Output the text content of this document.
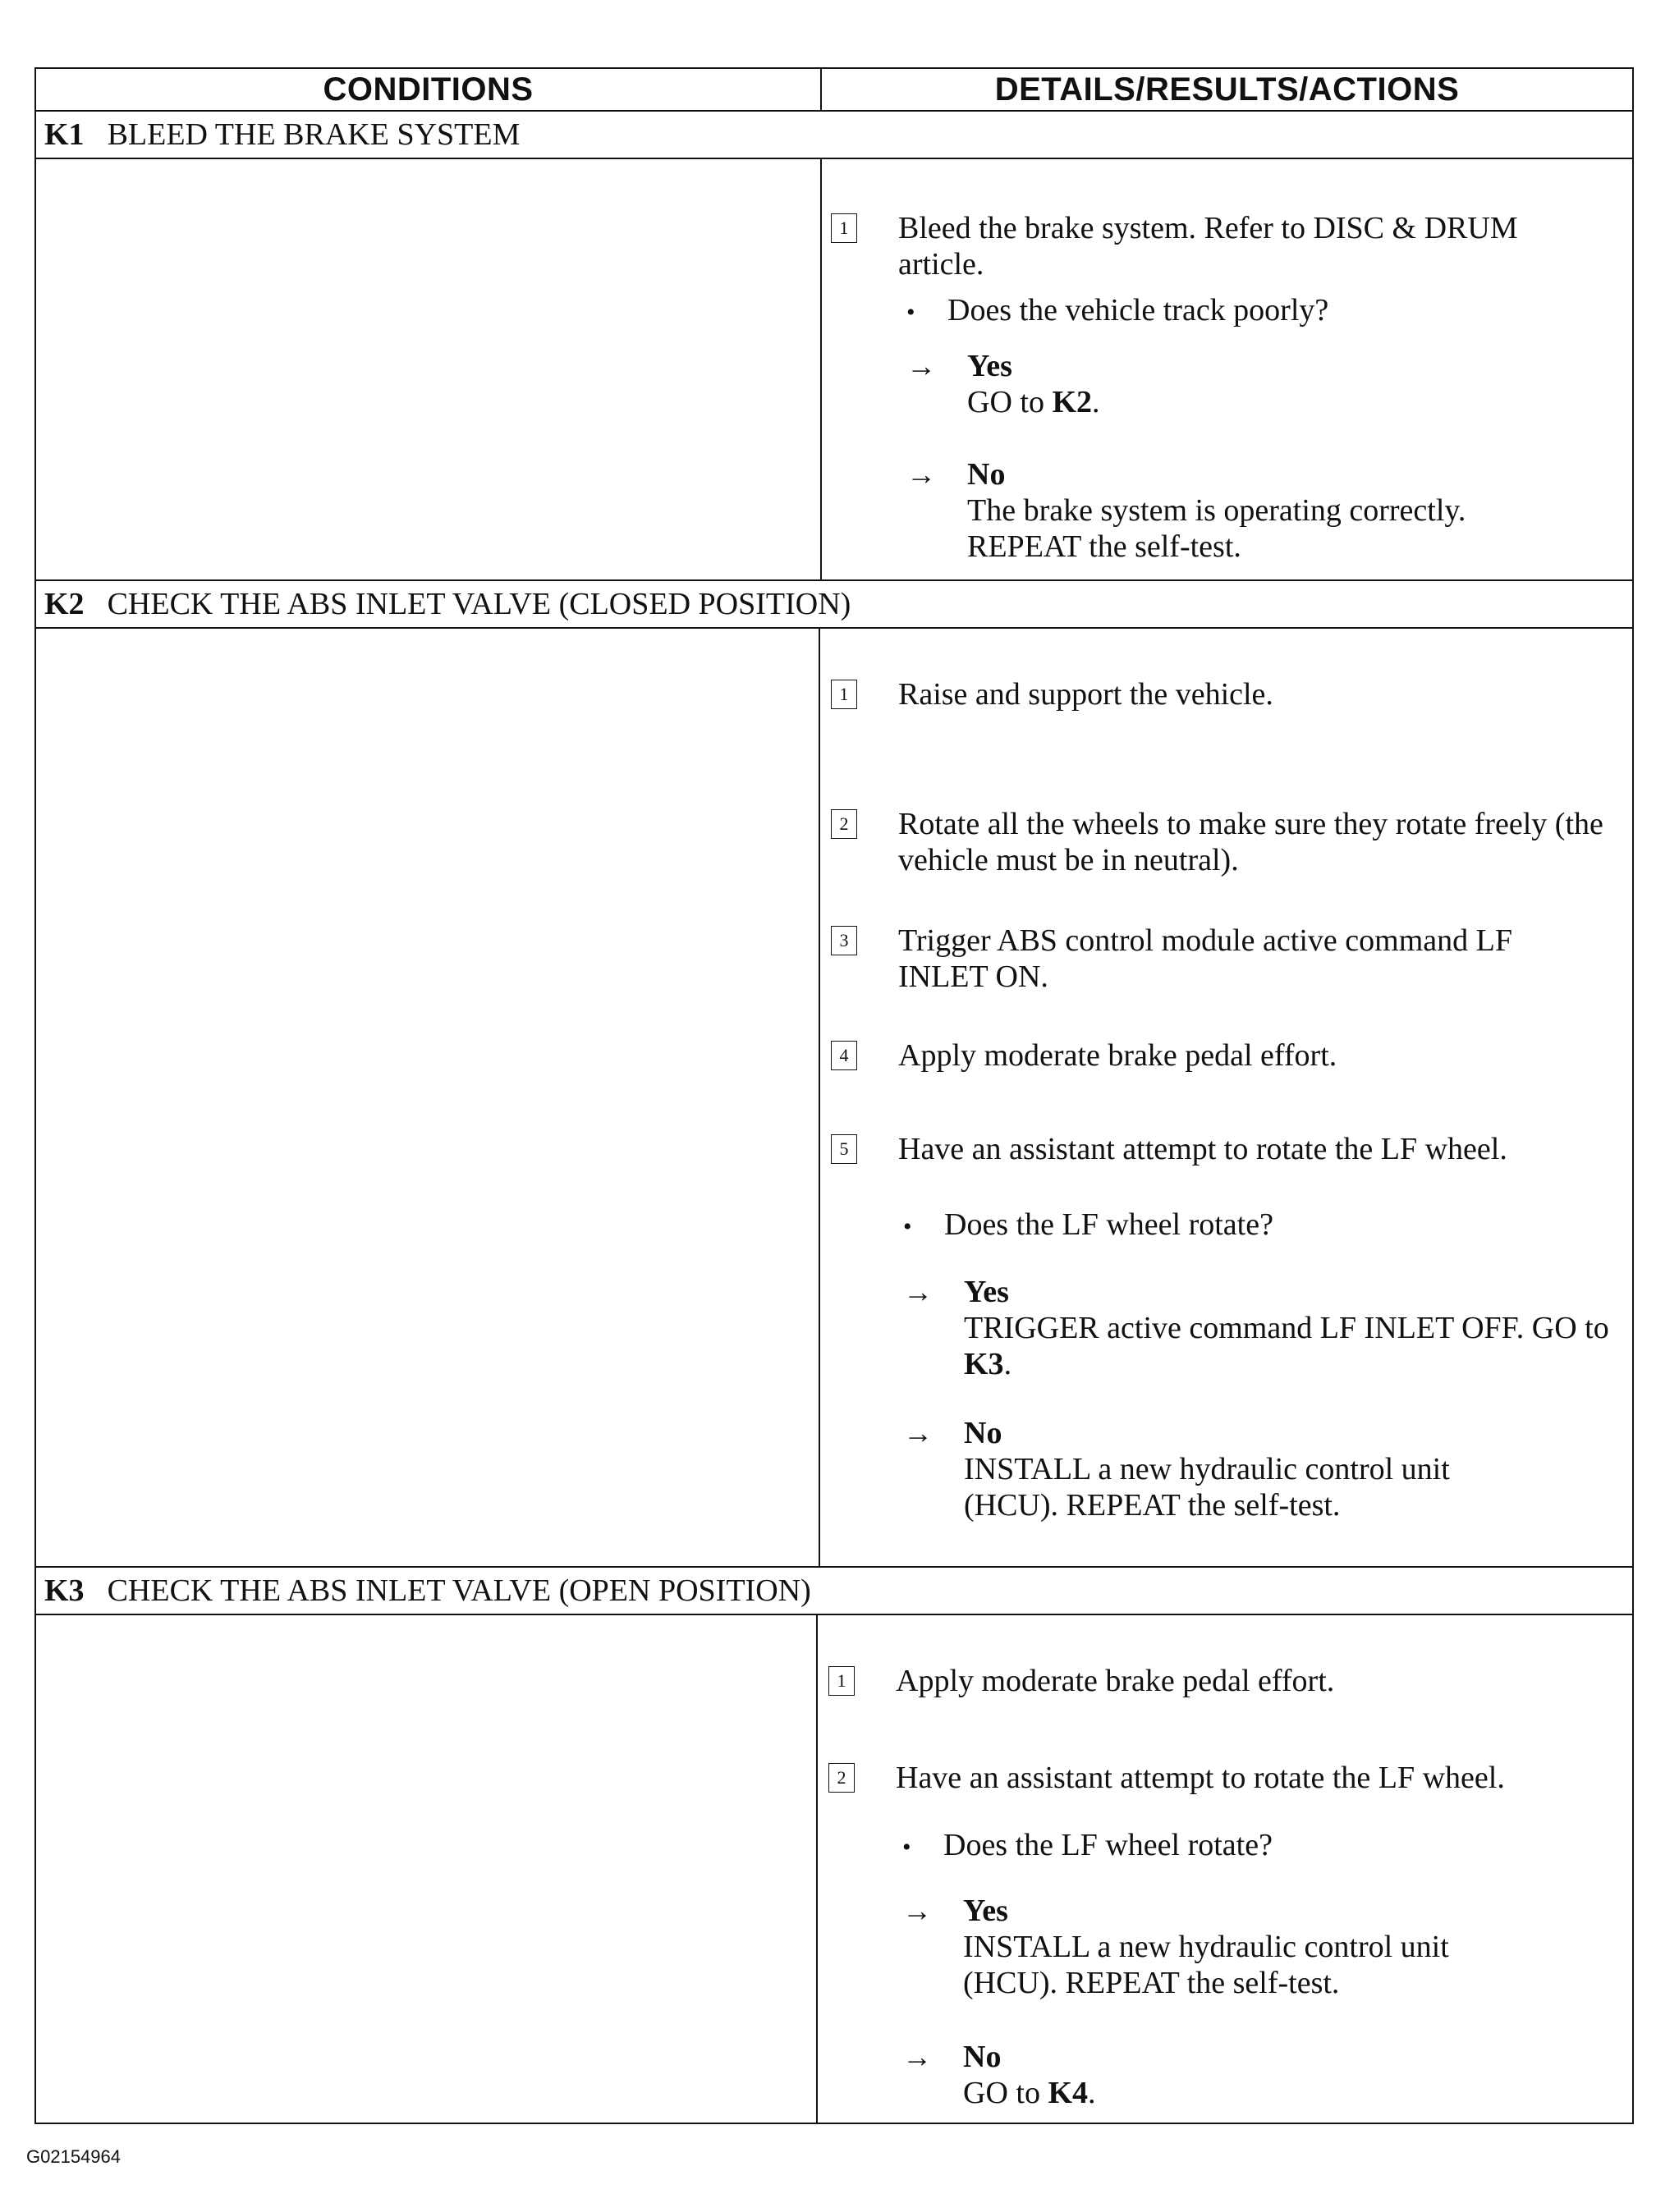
CONDITIONS	DETAILS/RESULTS/ACTIONS
K1 BLEED THE BRAKE SYSTEM
1 Bleed the brake system. Refer to DISC & DRUM article.
•	Does the vehicle track poorly?
→	Yes
GO to K2.
→	No
The brake system is operating correctly. REPEAT the self-test.
K2 CHECK THE ABS INLET VALVE (CLOSED POSITION)
1 Raise and support the vehicle.
2 Rotate all the wheels to make sure they rotate freely (the vehicle must be in neutral).
3 Trigger ABS control module active command LF INLET ON.
4 Apply moderate brake pedal effort.
5 Have an assistant attempt to rotate the LF wheel.
•	Does the LF wheel rotate?
→	Yes
TRIGGER active command LF INLET OFF. GO to K3.
→	No
INSTALL a new hydraulic control unit (HCU). REPEAT the self-test.
K3 CHECK THE ABS INLET VALVE (OPEN POSITION)
1 Apply moderate brake pedal effort.
2 Have an assistant attempt to rotate the LF wheel.
•	Does the LF wheel rotate?
→	Yes
INSTALL a new hydraulic control unit (HCU). REPEAT the self-test.
→	No
GO to K4.
G02154964
